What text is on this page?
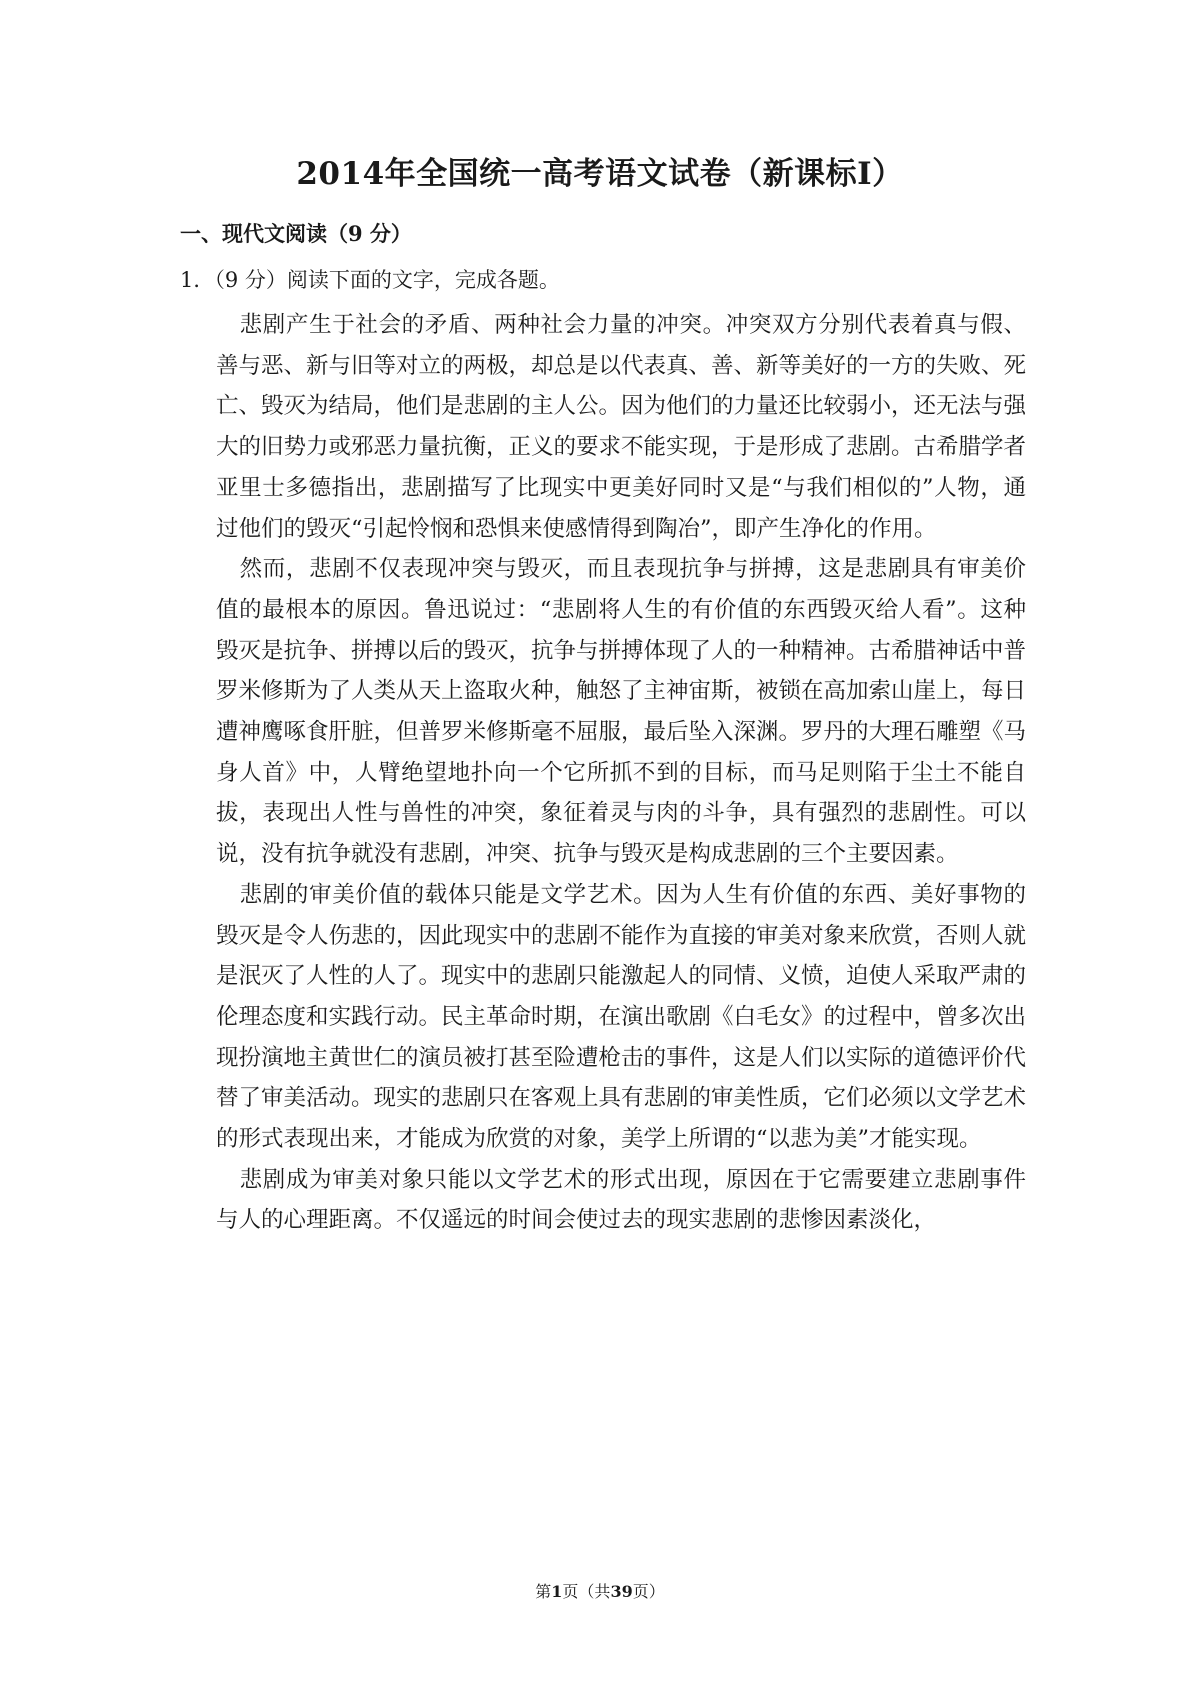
2014年全国统一高考语文试卷（新课标Ⅰ）
一、现代文阅读（9 分）

1．（9 分）阅读下面的文字，完成各题。

悲剧产生于社会的矛盾、两种社会力量的冲突。冲突双方分别代表着真与假、善与恶、新与旧等对立的两极，却总是以代表真、善、新等美好的一方的失败、死亡、毁灭为结局，他们是悲剧的主人公。因为他们的力量还比较弱小，还无法与强大的旧势力或邪恶力量抗衡，正义的要求不能实现，于是形成了悲剧。古希腊学者亚里士多德指出，悲剧描写了比现实中更美好同时又是“与我们相似的”人物，通过他们的毁灭“引起怜悯和恐惧来使感情得到陶冶”，即产生净化的作用。

然而，悲剧不仅表现冲突与毁灭，而且表现抗争与拼搏，这是悲剧具有审美价值的最根本的原因。鲁迅说过：“悲剧将人生的有价值的东西毁灭给人看”。这种毁灭是抗争、拼搏以后的毁灭，抗争与拼搏体现了人的一种精神。古希腊神话中普罗米修斯为了人类从天上盗取火种，触怒了主神宙斯，被锁在高加索山崖上，每日遭神鹰啄食肝脏，但普罗米修斯毫不屈服，最后坠入深渊。罗丹的大理石雕塑《马身人首》中，人臂绝望地扑向一个它所抓不到的目标，而马足则陷于尘土不能自拔，表现出人性与兽性的冲突，象征着灵与肉的斗争，具有强烈的悲剧性。可以说，没有抗争就没有悲剧，冲突、抗争与毁灭是构成悲剧的三个主要因素。

悲剧的审美价值的载体只能是文学艺术。因为人生有价值的东西、美好事物的毁灭是令人伤悲的，因此现实中的悲剧不能作为直接的审美对象来欣赏，否则人就是泯灭了人性的人了。现实中的悲剧只能激起人的同情、义愤，迫使人采取严肃的伦理态度和实践行动。民主革命时期，在演出歌剧《白毛女》的过程中，曾多次出现扮演地主黄世仁的演员被打甚至险遭枪击的事件，这是人们以实际的道德评价代替了审美活动。现实的悲剧只在客观上具有悲剧的审美性质，它们必须以文学艺术的形式表现出来，才能成为欣赏的对象，美学上所谓的“以悲为美”才能实现。

悲剧成为审美对象只能以文学艺术的形式出现，原因在于它需要建立悲剧事件与人的心理距离。不仅遥远的时间会使过去的现实悲剧的悲惨因素淡化，

第1页（共39页）
